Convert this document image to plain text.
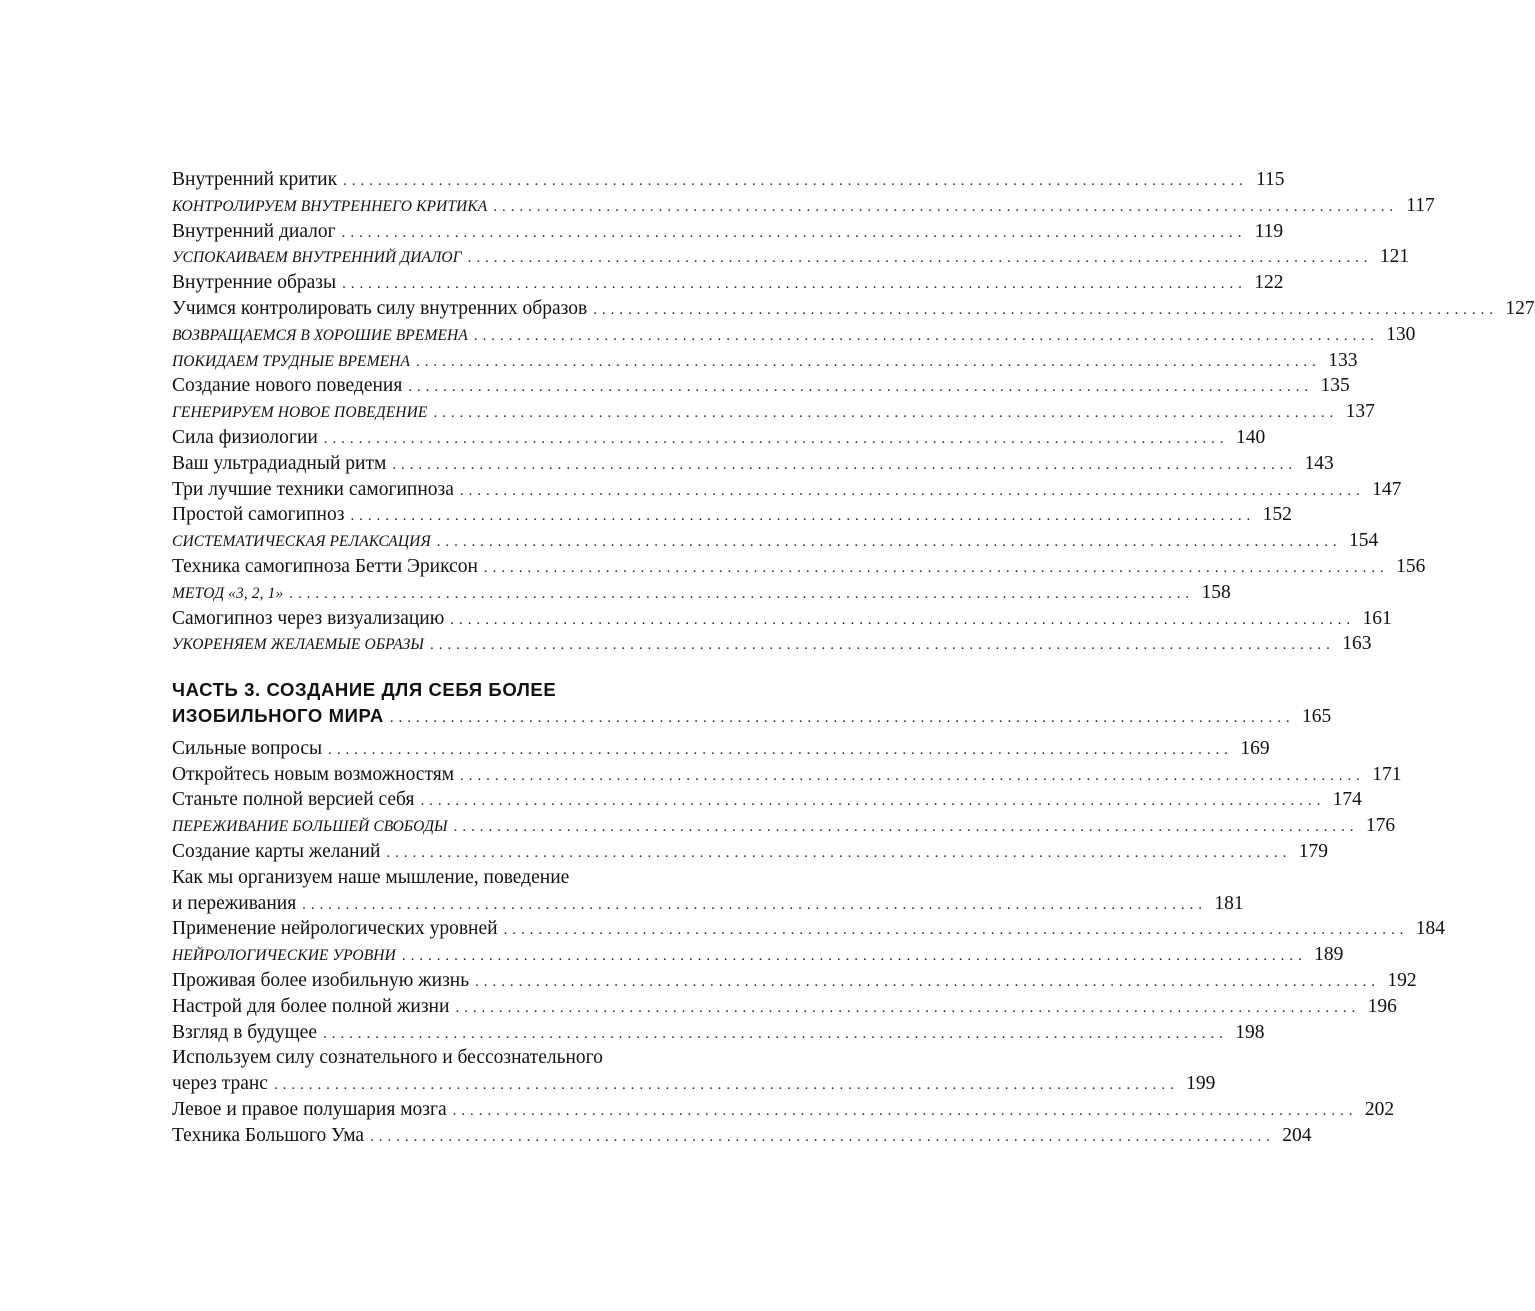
Внутренний критик . . .	115
КОНТРОЛИРУЕМ ВНУТРЕННЕГО КРИТИКА . . .	117
Внутренний диалог . . .	119
УСПОКАИВАЕМ ВНУТРЕННИЙ ДИАЛОГ . . .	121
Внутренние образы . . .	122
Учимся контролировать силу внутренних образов . . .	127
ВОЗВРАЩАЕМСЯ В ХОРОШИЕ ВРЕМЕНА . . .	130
ПОКИДАЕМ ТРУДНЫЕ ВРЕМЕНА . . .	133
Создание нового поведения . . .	135
ГЕНЕРИРУЕМ НОВОЕ ПОВЕДЕНИЕ . . .	137
Сила физиологии . . .	140
Ваш ультрадиадный ритм . . .	143
Три лучшие техники самогипноза . . .	147
Простой самогипноз . . .	152
СИСТЕМАТИЧЕСКАЯ РЕЛАКСАЦИЯ . . .	154
Техника самогипноза Бетти Эриксон . . .	156
МЕТОД «3, 2, 1» . . .	158
Самогипноз через визуализацию . . .	161
УКОРЕНЯЕМ ЖЕЛАЕМЫЕ ОБРАЗЫ . . .	163
ЧАСТЬ 3. СОЗДАНИЕ ДЛЯ СЕБЯ БОЛЕЕ
ИЗОБИЛЬНОГО МИРА . . .	165
Сильные вопросы . . .	169
Откройтесь новым возможностям . . .	171
Станьте полной версией себя . . .	174
ПЕРЕЖИВАНИЕ БОЛЬШЕЙ СВОБОДЫ . . .	176
Создание карты желаний . . .	179
Как мы организуем наше мышление, поведение
и переживания . . .	181
Применение нейрологических уровней . . .	184
НЕЙРОЛОГИЧЕСКИЕ УРОВНИ . . .	189
Проживая более изобильную жизнь . . .	192
Настрой для более полной жизни . . .	196
Взгляд в будущее . . .	198
Используем силу сознательного и бессознательного
через транс . . .	199
Левое и правое полушария мозга . . .	202
Техника Большого Ума . . .	204
